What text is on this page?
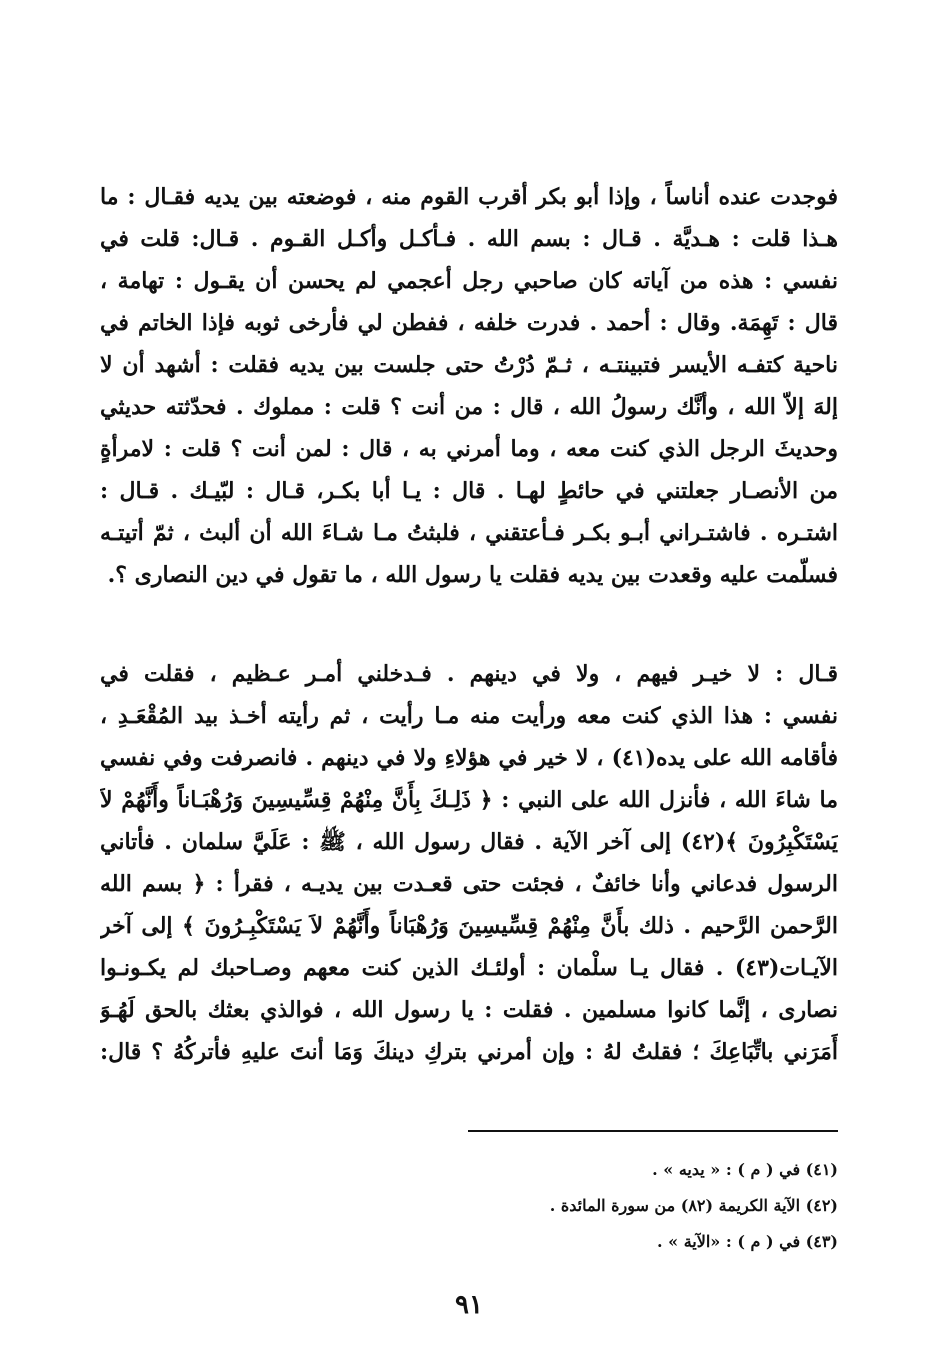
فوجدت عنده أناساً ، وإذا أبو بكر أقرب القوم منه ، فوضعته بين يديه فقـال : ما
هـذا قلت : هـديَّة . قـال : بسم الله . فـأكـل وأكـل القـوم . قـال: قلت في
نفسي : هذه من آياته كان صاحبي رجل أعجمي لم يحسن أن يقـول : تهامة ،
قال : تَهِمَة. وقال : أحمد . فدرت خلفه ، ففطن لي فأرخى ثوبه فإذا الخاتم في
ناحية كتفـه الأيسر فتبينتـه ، ثـمّ دُرْتُ حتى جلست بين يديه فقلت : أشهد أن لا
إلهَ إلاّ الله ، وأنَّك رسولُ الله ، قال : من أنت ؟ قلت : مملوك . فحدّثته حديثي
وحديثَ الرجل الذي كنت معه ، وما أمرني به ، قال : لمن أنت ؟ قلت : لامرأةٍ
من الأنصـار جعلتني في حائطٍ لهـا . قال : يـا أبا بكـر، قـال : لبّيـك . قـال :
اشتـره . فاشتـراني أبـو بكـر فـأعتقني ، فلبثتُ مـا شـاءَ الله أن ألبث ، ثمّ أتيتـه
فسلّمت عليه وقعدت بين يديه فقلت يا رسول الله ، ما تقول في دين النصارى ؟.
قـال : لا خيـر فيهم ، ولا في دينهم . فـدخلني أمـر عـظيم ، فقلت في
نفسي : هذا الذي كنت معه ورأيت منه مـا رأيت ، ثم رأيته أخـذ بيد المُقْعَـدِ ،
فأقامه الله على يده(٤١) ، لا خير في هؤلاءِ ولا في دينهم . فانصرفت وفي نفسي
ما شاءَ الله ، فأنزل الله على النبي : ﴿ ذَلِـكَ بِأَنَّ مِنْهُمْ قِسِّيسِينَ وَرُهْبَـاناً وأَنَّهُمْ لاَ
يَسْتَكْبِرُونَ ﴾(٤٢) إلى آخر الآية . فقال رسول الله ، ﷺ : عَلَيَّ سلمان . فأتاني
الرسول فدعاني وأنا خائفٌ ، فجئت حتى قعـدت بين يديـه ، فقرأ : ﴿ بسم الله
الرَّحمن الرَّحيم . ذلك بأَنَّ مِنْهُمْ قِسِّيسِينَ وَرُهْبَاناً وأَنَّهُمْ لاَ يَسْتَكْبِـرُونَ ﴾ إلى آخر
الآيـات(٤٣) . فقال يـا سلْمان : أولئـك الذين كنت معهم وصـاحبك لم يكـونـوا
نصارى ، إنَّما كانوا مسلمين . فقلت : يا رسول الله ، فوالذي بعثك بالحق لَهُـوَ
أَمَرَني باتِّبَاعِكَ ؛ فقلتُ لهُ : وإن أمرني بتركِ دينكَ وَمَا أنتَ عليهِ فأتركُهُ ؟ قال:
(٤١) في ( م ) : « يديه » .
(٤٢) الآية الكريمة (٨٢) من سورة المائدة .
(٤٣) في ( م ) : «الآية » .
٩١
